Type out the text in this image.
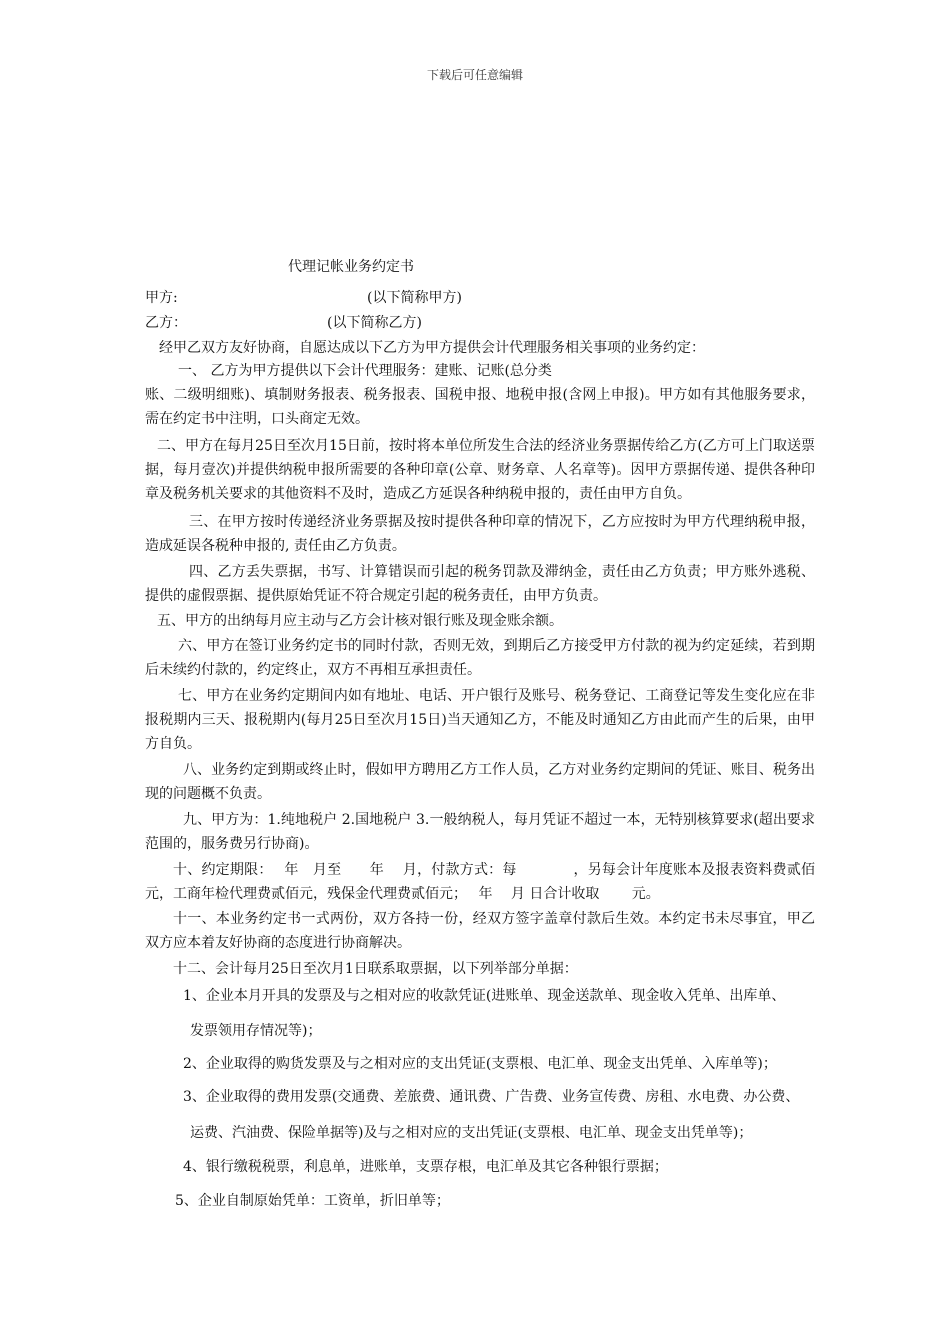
下载后可任意编辑
代理记帐业务约定书
甲方:	(以下简称甲方)
乙方：	(以下简称乙方)
经甲乙双方友好协商，自愿达成以下乙方为甲方提供会计代理服务相关事项的业务约定：
一、 乙方为甲方提供以下会计代理服务：建账、记账(总分类
账、二级明细账)、填制财务报表、税务报表、国税申报、地税申报(含网上申报)。甲方如有其他服务要求，需在约定书中注明，口头商定无效。
二、甲方在每月25日至次月15日前，按时将本单位所发生合法的经济业务票据传给乙方(乙方可上门取送票据，每月壹次)并提供纳税申报所需要的各种印章(公章、财务章、人名章等)。因甲方票据传递、提供各种印章及税务机关要求的其他资料不及时，造成乙方延误各种纳税申报的，责任由甲方自负。
三、在甲方按时传递经济业务票据及按时提供各种印章的情况下，乙方应按时为甲方代理纳税申报，造成延误各税种申报的, 责任由乙方负责。
四、乙方丢失票据，书写、计算错误而引起的税务罚款及滞纳金，责任由乙方负责；甲方账外逃税、提供的虚假票据、提供原始凭证不符合规定引起的税务责任，由甲方负责。
五、甲方的出纳每月应主动与乙方会计核对银行账及现金账余额。
六、甲方在签订业务约定书的同时付款，否则无效，到期后乙方接受甲方付款的视为约定延续，若到期后未续约付款的，约定终止，双方不再相互承担责任。
七、甲方在业务约定期间内如有地址、电话、开户银行及账号、税务登记、工商登记等发生变化应在非报税期内三天、报税期内(每月25日至次月15日)当天通知乙方，不能及时通知乙方由此而产生的后果，由甲方自负。
八、业务约定到期或终止时，假如甲方聘用乙方工作人员，乙方对业务约定期间的凭证、账目、税务出现的问题概不负责。
九、甲方为：1.纯地税户 2.国地税户 3.一般纳税人，每月凭证不超过一本，无特别核算要求(超出要求范围的，服务费另行协商)。
十、约定期限：　 年　月至　　年　 月，付款方式：每　　　　，另每会计年度账本及报表资料费贰佰元，工商年检代理费贰佰元，残保金代理费贰佰元；　 年　 月 日合计收取　　 元。
十一、本业务约定书一式两份，双方各持一份，经双方签字盖章付款后生效。本约定书未尽事宜，甲乙双方应本着友好协商的态度进行协商解决。
十二、会计每月25日至次月1日联系取票据，以下列举部分单据：
1、企业本月开具的发票及与之相对应的收款凭证(进账单、现金送款单、现金收入凭单、出库单、
发票领用存情况等)；
2、企业取得的购货发票及与之相对应的支出凭证(支票根、电汇单、现金支出凭单、入库单等)；
3、企业取得的费用发票(交通费、差旅费、通讯费、广告费、业务宣传费、房租、水电费、办公费、
运费、汽油费、保险单据等)及与之相对应的支出凭证(支票根、电汇单、现金支出凭单等)；
4、银行缴税税票，利息单，进账单，支票存根，电汇单及其它各种银行票据；
5、企业自制原始凭单：工资单，折旧单等；
